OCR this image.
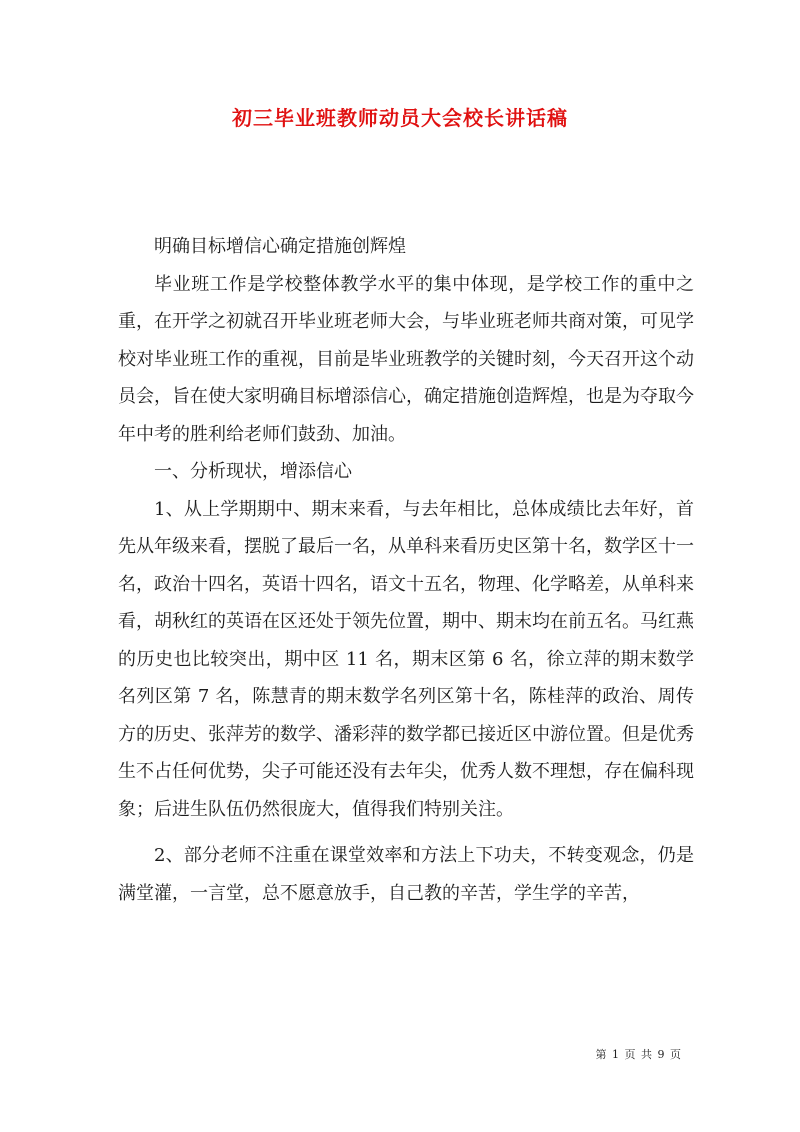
初三毕业班教师动员大会校长讲话稿

明确目标增信心确定措施创辉煌

毕业班工作是学校整体教学水平的集中体现，是学校工作的重中之重，在开学之初就召开毕业班老师大会，与毕业班老师共商对策，可见学校对毕业班工作的重视，目前是毕业班教学的关键时刻，今天召开这个动员会，旨在使大家明确目标增添信心，确定措施创造辉煌，也是为夺取今年中考的胜利给老师们鼓劲、加油。

一、分析现状，增添信心

1、从上学期期中、期末来看，与去年相比，总体成绩比去年好，首先从年级来看，摆脱了最后一名，从单科来看历史区第十名，数学区十一名，政治十四名，英语十四名，语文十五名，物理、化学略差，从单科来看，胡秋红的英语在区还处于领先位置，期中、期末均在前五名。马红燕的历史也比较突出，期中区 11 名，期末区第 6 名，徐立萍的期末数学名列区第 7 名，陈慧青的期末数学名列区第十名，陈桂萍的政治、周传方的历史、张萍芳的数学、潘彩萍的数学都已接近区中游位置。但是优秀生不占任何优势，尖子可能还没有去年尖，优秀人数不理想，存在偏科现象；后进生队伍仍然很庞大，值得我们特别关注。

2、部分老师不注重在课堂效率和方法上下功夫，不转变观念，仍是满堂灌，一言堂，总不愿意放手，自己教的辛苦，学生学的辛苦，

第 1 页 共 9 页
